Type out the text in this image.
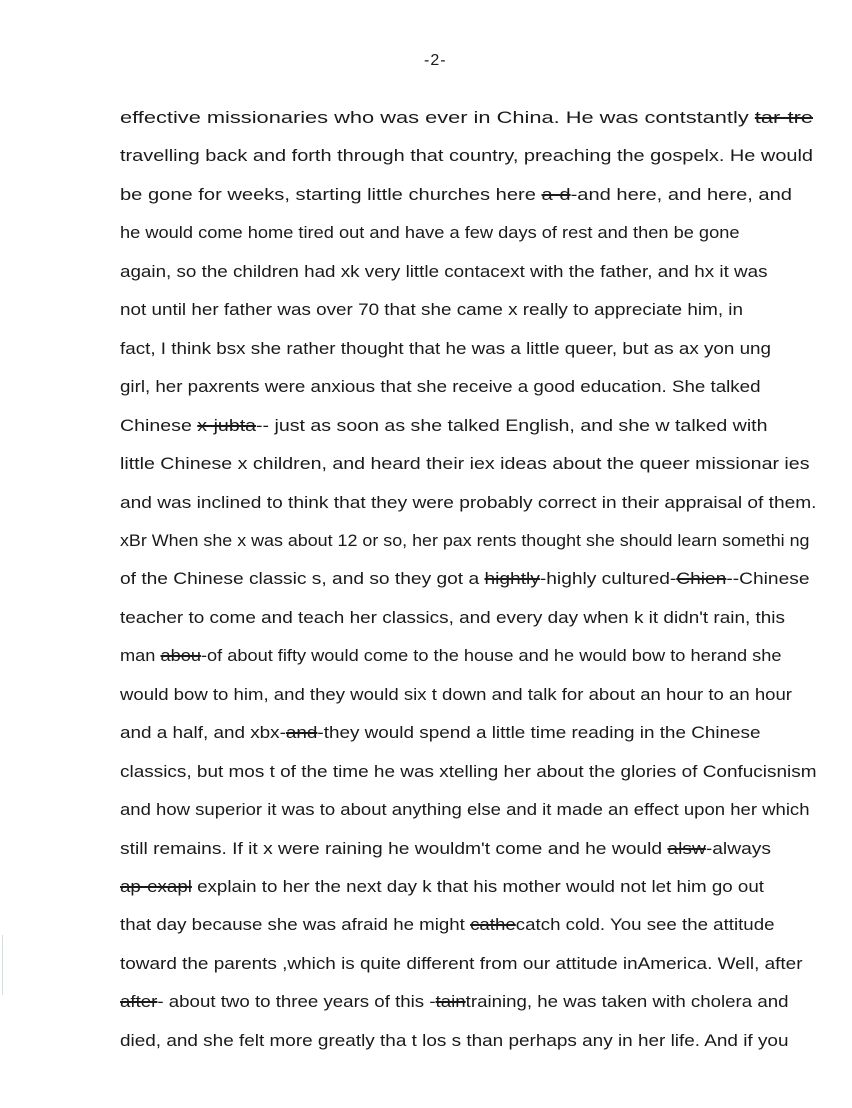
-2-
effective missionaries who was ever in China. He was contstantly tar-tre
travelling back and forth through that country, preaching the gospelx. He would
be gone for weeks, starting little churches here a-d-and here, and here, and
he would come home tired out and have a few days of rest and then be gone
again, so the children had xk very little contacext with the father, and hx it was
not until her father was over 70 that she came x really to appreciate him, in
fact, I think bsx she rather thought that he was a little queer, but as ax yon ung
girl, her paxrents were anxious that she receive a good education. She talked
Chinese x-jubta-- just as soon as she talked English, and she w talked with
little Chinese x children, and heard their iex ideas about the queer missionar ies
and was inclined to think that they were probably correct in their appraisal of them.
xBr When she x was about 12 or so, her pax rents thought she should learn somethi ng
of the Chinese classic s, and so they got a hightly-highly cultured-Chien--Chinese
teacher to come and teach her classics, and every day when k it didn't rain, this
man abou-of about fifty would come to the house and he would bow to herand she
would bow to him, and they would six t down and talk for about an hour to an hour
and a half, and xbx-and-they would spend a little time reading in the Chinese
classics, but mos t of the time he was xtelling her about the glories of Confucisnism
and how superior it was to about anything else and it made an effect upon her which
still remains. If it x were raining he wouldm't come and he would alsw-always
ap-exapl explain to her the next day k that his mother would not let him go out
that day because she was afraid he might cathecatch cold. You see the attitude
toward the parents ,which is quite different from our attitude inAmerica. Well, after
after- about two to three years of this -taintraining, he was taken with cholera and
died, and she felt more greatly tha t los s than perhaps any in her life. And if you
